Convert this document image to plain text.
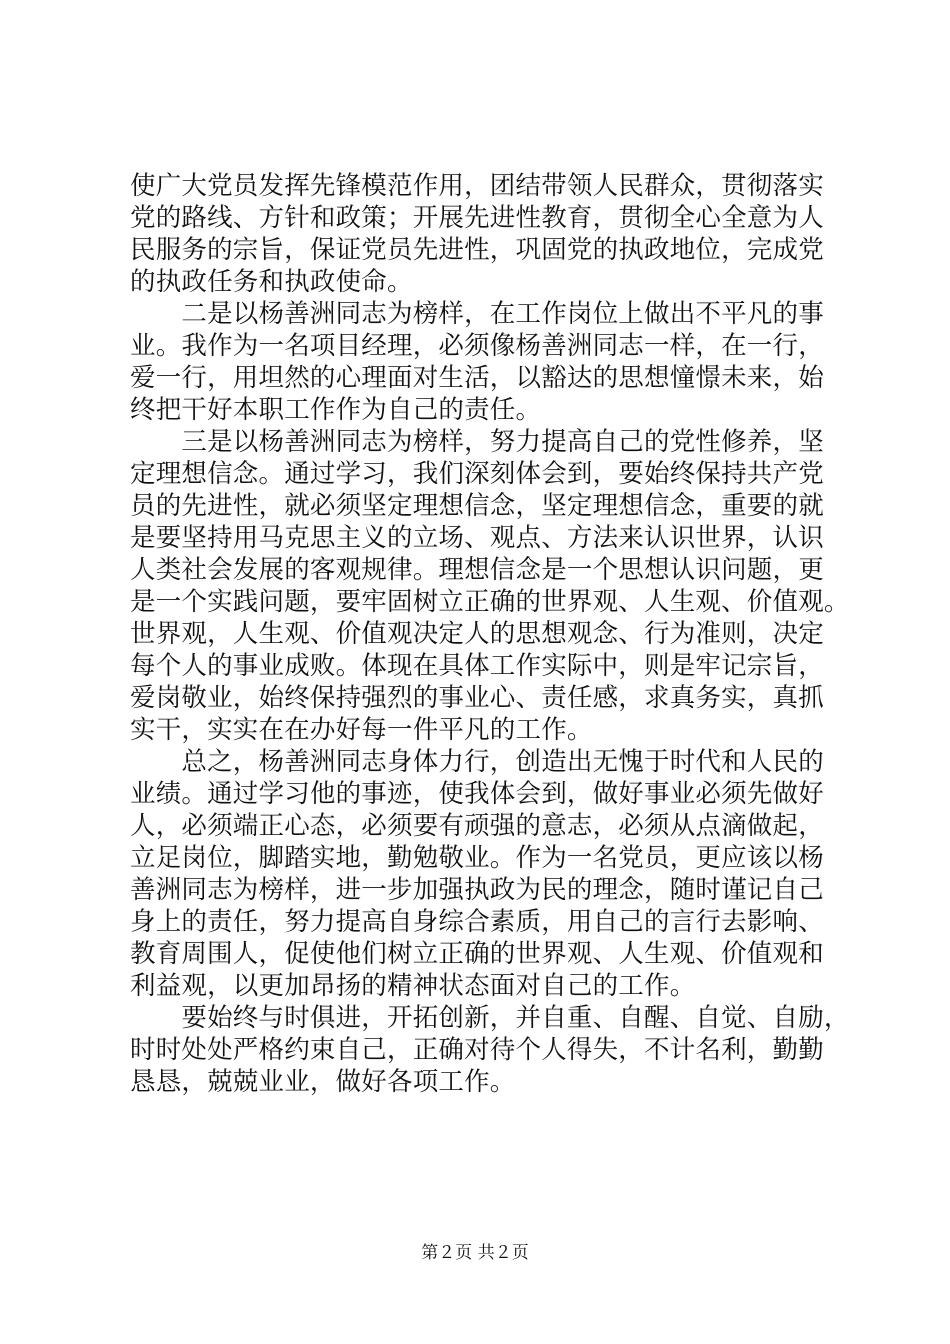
使广大党员发挥先锋模范作用，团结带领人民群众，贯彻落实
党的路线、方针和政策；开展先进性教育，贯彻全心全意为人
民服务的宗旨，保证党员先进性，巩固党的执政地位，完成党
的执政任务和执政使命。
　　二是以杨善洲同志为榜样，在工作岗位上做出不平凡的事
业。我作为一名项目经理，必须像杨善洲同志一样，在一行，
爱一行，用坦然的心理面对生活，以豁达的思想憧憬未来，始
终把干好本职工作作为自己的责任。
　　三是以杨善洲同志为榜样，努力提高自己的党性修养，坚
定理想信念。通过学习，我们深刻体会到，要始终保持共产党
员的先进性，就必须坚定理想信念，坚定理想信念，重要的就
是要坚持用马克思主义的立场、观点、方法来认识世界，认识
人类社会发展的客观规律。理想信念是一个思想认识问题，更
是一个实践问题，要牢固树立正确的世界观、人生观、价值观。
世界观，人生观、价值观决定人的思想观念、行为准则，决定
每个人的事业成败。体现在具体工作实际中，则是牢记宗旨，
爱岗敬业，始终保持强烈的事业心、责任感，求真务实，真抓
实干，实实在在办好每一件平凡的工作。
　　总之，杨善洲同志身体力行，创造出无愧于时代和人民的
业绩。通过学习他的事迹，使我体会到，做好事业必须先做好
人，必须端正心态，必须要有顽强的意志，必须从点滴做起，
立足岗位，脚踏实地，勤勉敬业。作为一名党员，更应该以杨
善洲同志为榜样，进一步加强执政为民的理念，随时谨记自己
身上的责任，努力提高自身综合素质，用自己的言行去影响、
教育周围人，促使他们树立正确的世界观、人生观、价值观和
利益观，以更加昂扬的精神状态面对自己的工作。
　　要始终与时俱进，开拓创新，并自重、自醒、自觉、自励，
时时处处严格约束自己，正确对待个人得失，不计名利，勤勤
恳恳，兢兢业业，做好各项工作。
第２页 共２页
